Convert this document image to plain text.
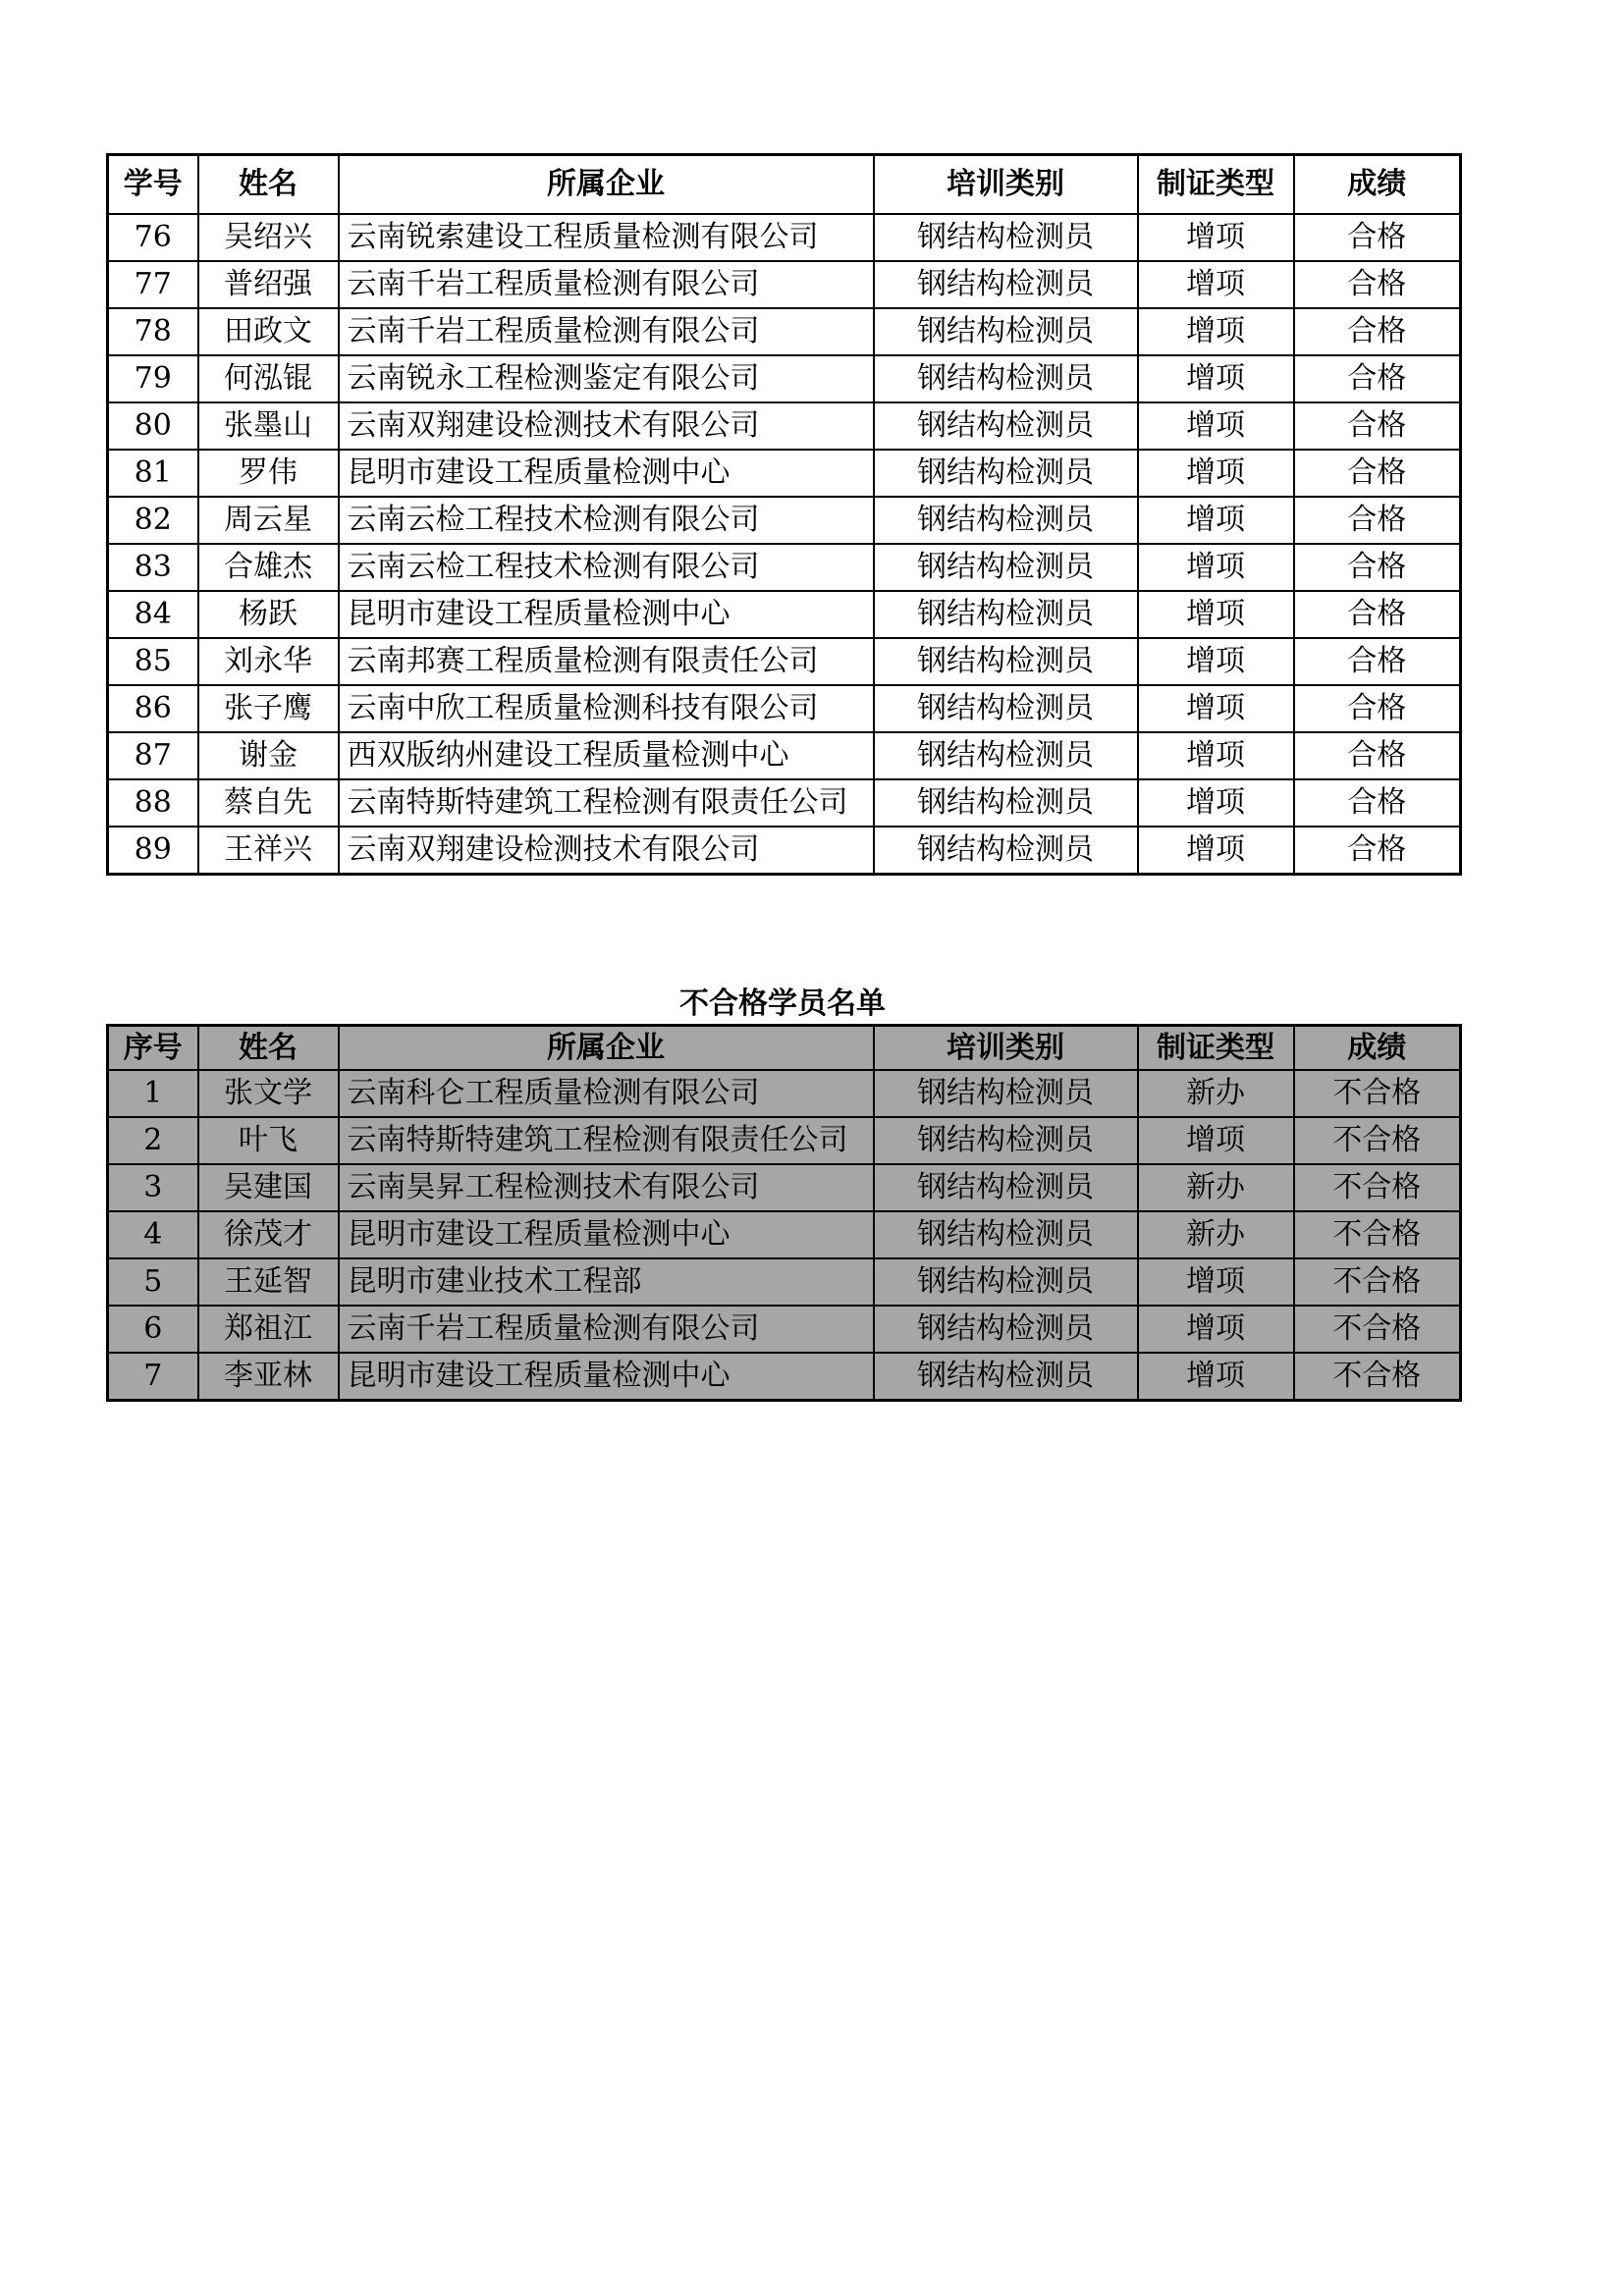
学号	姓名	所属企业	培训类别	制证类型	成绩
76	吴绍兴	云南锐索建设工程质量检测有限公司	钢结构检测员	增项	合格
77	普绍强	云南千岩工程质量检测有限公司	钢结构检测员	增项	合格
78	田政文	云南千岩工程质量检测有限公司	钢结构检测员	增项	合格
79	何泓锟	云南锐永工程检测鉴定有限公司	钢结构检测员	增项	合格
80	张墨山	云南双翔建设检测技术有限公司	钢结构检测员	增项	合格
81	罗伟	昆明市建设工程质量检测中心	钢结构检测员	增项	合格
82	周云星	云南云检工程技术检测有限公司	钢结构检测员	增项	合格
83	合雄杰	云南云检工程技术检测有限公司	钢结构检测员	增项	合格
84	杨跃	昆明市建设工程质量检测中心	钢结构检测员	增项	合格
85	刘永华	云南邦赛工程质量检测有限责任公司	钢结构检测员	增项	合格
86	张子鹰	云南中欣工程质量检测科技有限公司	钢结构检测员	增项	合格
87	谢金	西双版纳州建设工程质量检测中心	钢结构检测员	增项	合格
88	蔡自先	云南特斯特建筑工程检测有限责任公司	钢结构检测员	增项	合格
89	王祥兴	云南双翔建设检测技术有限公司	钢结构检测员	增项	合格
不合格学员名单
序号	姓名	所属企业	培训类别	制证类型	成绩
1	张文学	云南科仑工程质量检测有限公司	钢结构检测员	新办	不合格
2	叶飞	云南特斯特建筑工程检测有限责任公司	钢结构检测员	增项	不合格
3	吴建国	云南昊昇工程检测技术有限公司	钢结构检测员	新办	不合格
4	徐茂才	昆明市建设工程质量检测中心	钢结构检测员	新办	不合格
5	王延智	昆明市建业技术工程部	钢结构检测员	增项	不合格
6	郑祖江	云南千岩工程质量检测有限公司	钢结构检测员	增项	不合格
7	李亚林	昆明市建设工程质量检测中心	钢结构检测员	增项	不合格
